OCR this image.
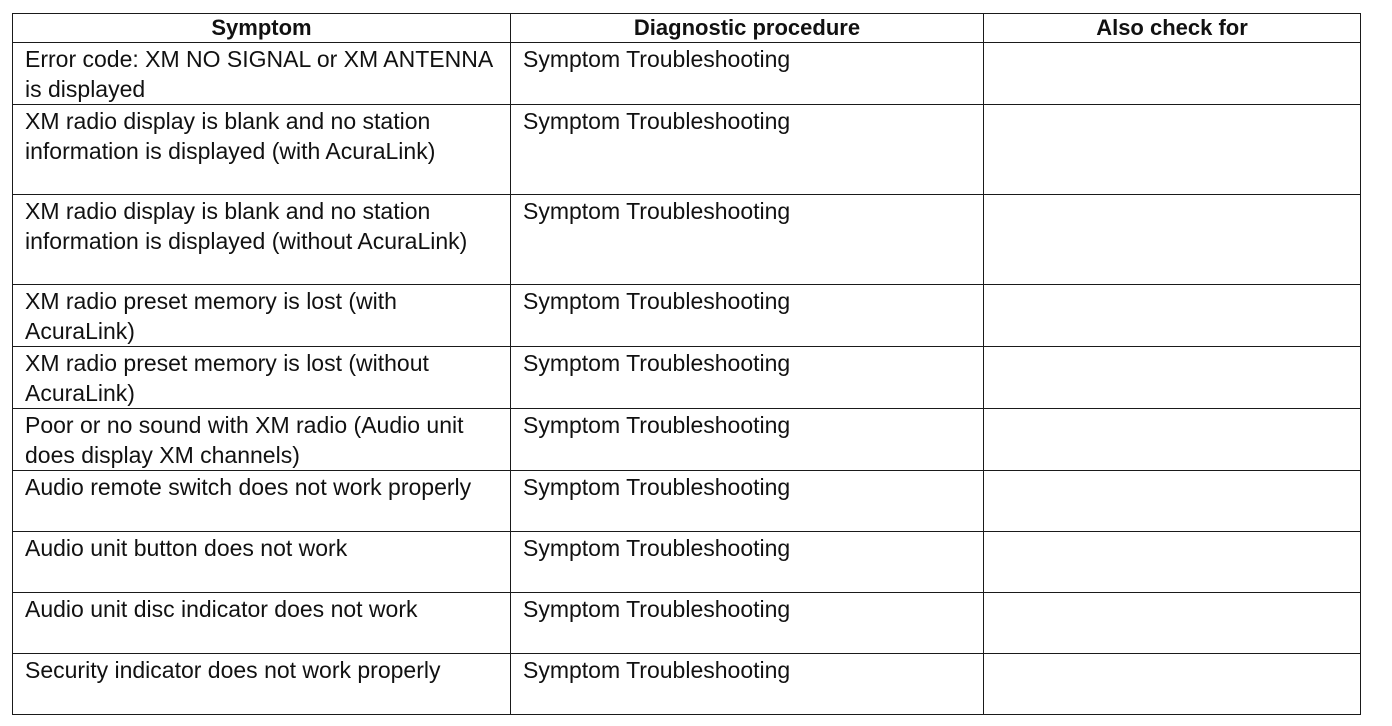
Symptom	Diagnostic procedure	Also check for
Error code: XM NO SIGNAL or XM ANTENNA is displayed	Symptom Troubleshooting	
XM radio display is blank and no station information is displayed (with AcuraLink)	Symptom Troubleshooting	
XM radio display is blank and no station information is displayed (without AcuraLink)	Symptom Troubleshooting	
XM radio preset memory is lost (with AcuraLink)	Symptom Troubleshooting	
XM radio preset memory is lost (without AcuraLink)	Symptom Troubleshooting	
Poor or no sound with XM radio (Audio unit does display XM channels)	Symptom Troubleshooting	
Audio remote switch does not work properly	Symptom Troubleshooting	
Audio unit button does not work	Symptom Troubleshooting	
Audio unit disc indicator does not work	Symptom Troubleshooting	
Security indicator does not work properly	Symptom Troubleshooting	
